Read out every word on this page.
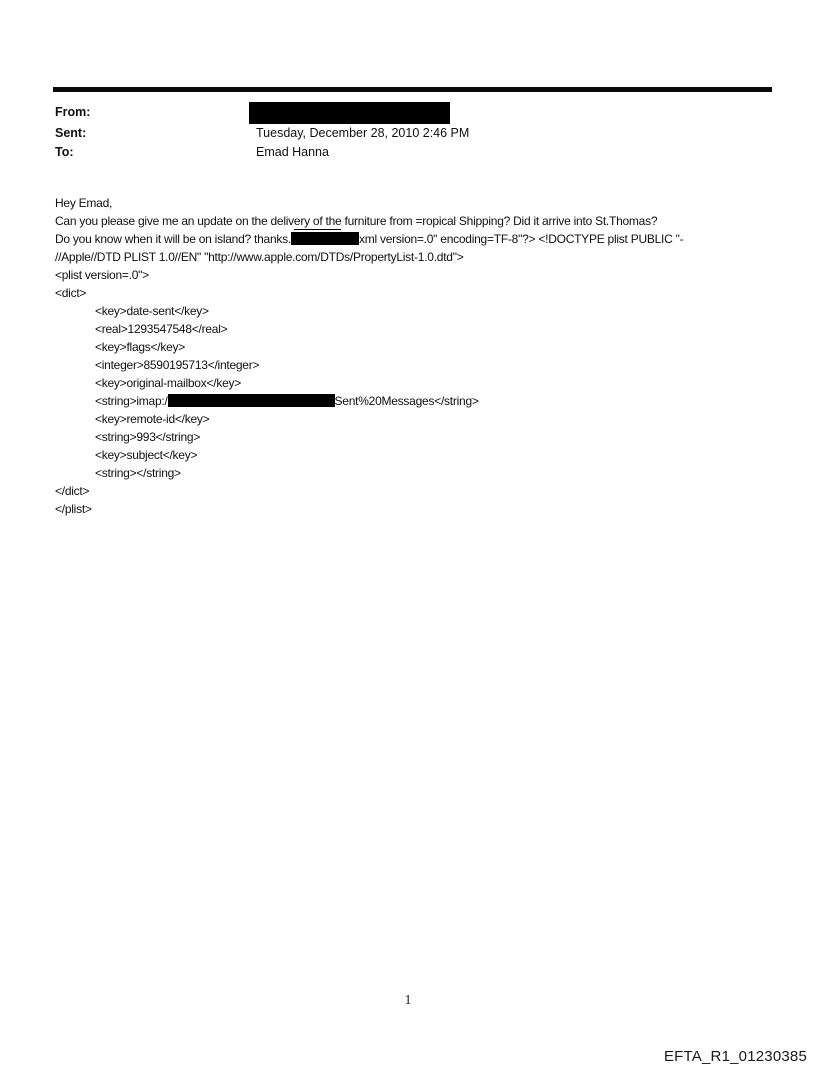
From:
Sent:	Tuesday, December 28, 2010 2:46 PM
To:	Emad Hanna
Hey Emad,
Can you please give me an update on the delivery of the furniture from =ropical Shipping? Did it arrive into St.Thomas?
Do you know when it will be on island? thanks.	xml version=.0" encoding=TF-8"?> <!DOCTYPE plist PUBLIC "-
//Apple//DTD PLIST 1.0//EN" "http://www.apple.com/DTDs/PropertyList-1.0.dtd">
<plist version=.0">
<dict>
<key>date-sent</key>
<real>1293547548</real>
<key>flags</key>
<integer>8590195713</integer>
<key>original-mailbox</key>
<string>imap:/	Sent%20Messages</string>
<key>remote-id</key>
<string>993</string>
<key>subject</key>
<string></string>
</dict>
</plist>
1
EFTA_R1_01230385
